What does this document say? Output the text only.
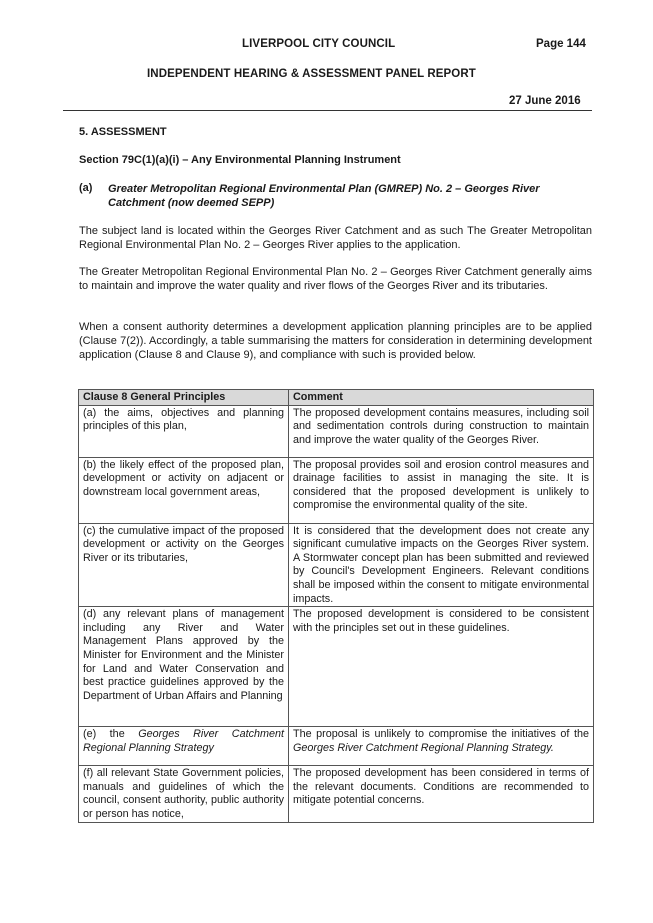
LIVERPOOL CITY COUNCIL	Page 144
INDEPENDENT HEARING & ASSESSMENT PANEL REPORT
27 June 2016
5. ASSESSMENT
Section 79C(1)(a)(i) – Any Environmental Planning Instrument
(a) Greater Metropolitan Regional Environmental Plan (GMREP) No. 2 – Georges River Catchment (now deemed SEPP)
The subject land is located within the Georges River Catchment and as such The Greater Metropolitan Regional Environmental Plan No. 2 – Georges River applies to the application.
The Greater Metropolitan Regional Environmental Plan No. 2 – Georges River Catchment generally aims to maintain and improve the water quality and river flows of the Georges River and its tributaries.
When a consent authority determines a development application planning principles are to be applied (Clause 7(2)). Accordingly, a table summarising the matters for consideration in determining development application (Clause 8 and Clause 9), and compliance with such is provided below.
Clause 8 General Principles	Comment
(a) the aims, objectives and planning principles of this plan,	The proposed development contains measures, including soil and sedimentation controls during construction to maintain and improve the water quality of the Georges River.
(b) the likely effect of the proposed plan, development or activity on adjacent or downstream local government areas,	The proposal provides soil and erosion control measures and drainage facilities to assist in managing the site. It is considered that the proposed development is unlikely to compromise the environmental quality of the site.
(c) the cumulative impact of the proposed development or activity on the Georges River or its tributaries,	It is considered that the development does not create any significant cumulative impacts on the Georges River system. A Stormwater concept plan has been submitted and reviewed by Council's Development Engineers. Relevant conditions shall be imposed within the consent to mitigate environmental impacts.
(d) any relevant plans of management including any River and Water Management Plans approved by the Minister for Environment and the Minister for Land and Water Conservation and best practice guidelines approved by the Department of Urban Affairs and Planning	The proposed development is considered to be consistent with the principles set out in these guidelines.
(e) the Georges River Catchment Regional Planning Strategy	The proposal is unlikely to compromise the initiatives of the Georges River Catchment Regional Planning Strategy.
(f) all relevant State Government policies, manuals and guidelines of which the council, consent authority, public authority or person has notice,	The proposed development has been considered in terms of the relevant documents. Conditions are recommended to mitigate potential concerns.
